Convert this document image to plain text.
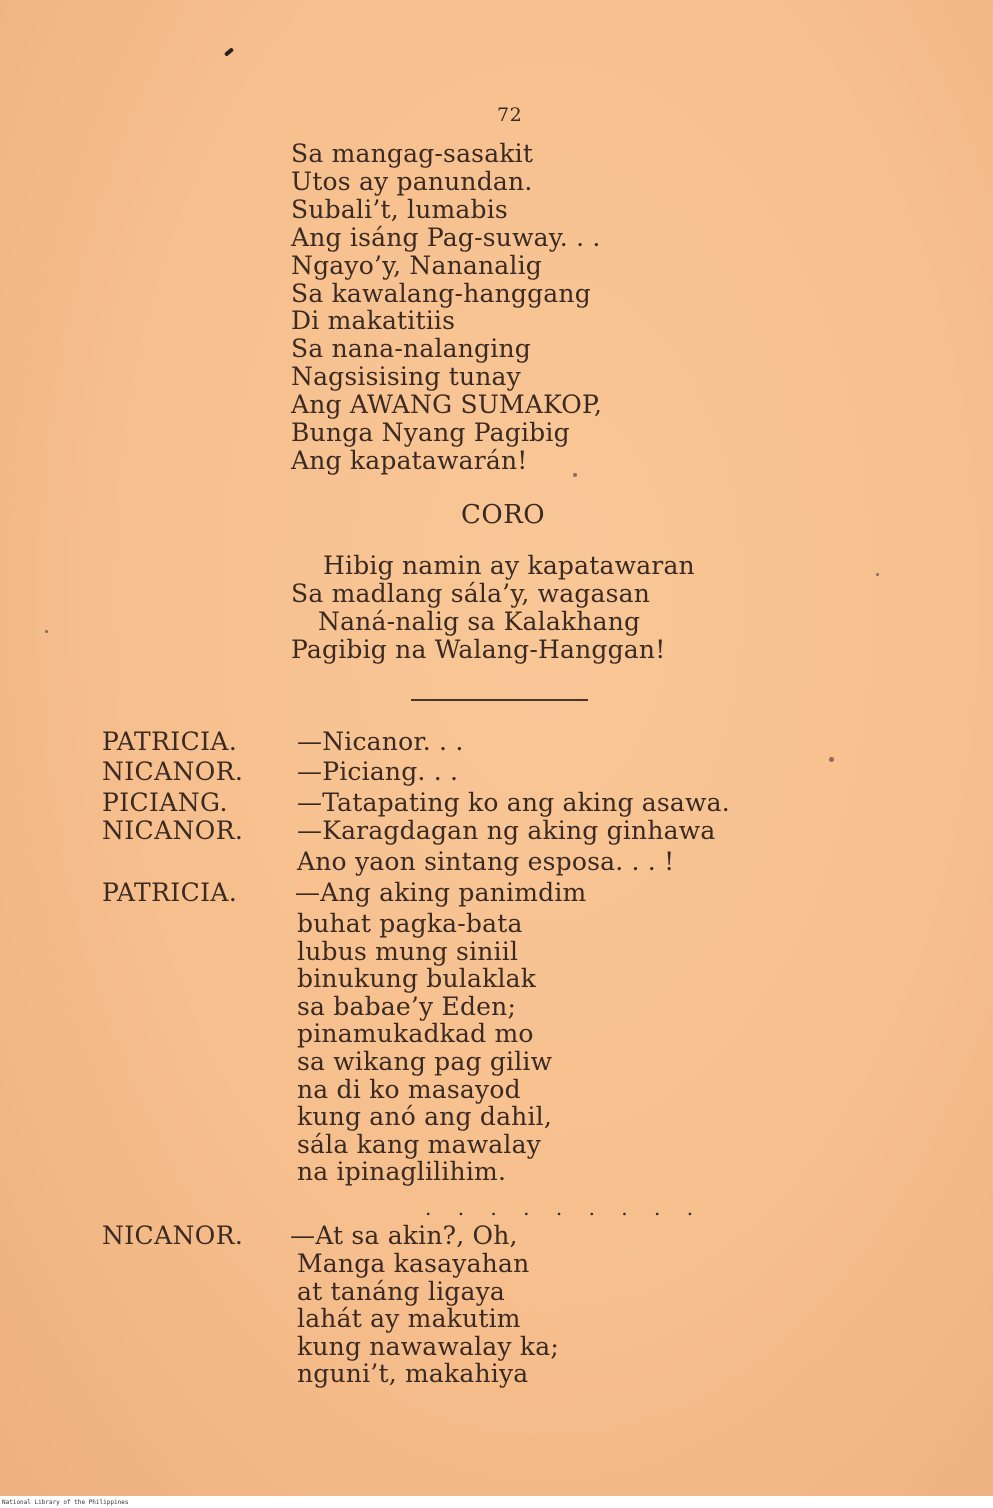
72
Sa mangag-sasakit
Utos ay panundan.
Subali’t, lumabis
Ang isáng Pag-suway. . .
Ngayo’y, Nananalig
Sa kawalang-hanggang
Di makatitiis
Sa nana-nalanging
Nagsisising tunay
Ang AWANG SUMAKOP,
Bunga Nyang Pagibig
Ang kapatawarán!
CORO
Hibig namin ay kapatawaran
Sa madlang sála’y, wagasan
Naná-nalig sa Kalakhang
Pagibig na Walang-Hanggan!
PATRICIA. —Nicanor. . .
NICANOR. —Piciang. . .
PICIANG.	—Tatapating ko ang aking asawa.
NICANOR. —Karagdagan ng aking ginhawa
Ano yaon sintang esposa. . . !
PATRICIA. —Ang aking panimdim
buhat pagka-bata
lubus mung siniil
binukung bulaklak
sa babae’y Eden;
pinamukadkad mo
sa wikang pag giliw
na di ko masayod
kung anó ang dahil,
sála kang mawalay
na ipinaglilihim.
. . . . . . . . .
NICANOR. —At sa akin?, Oh,
Manga kasayahan
at tanáng ligaya
lahát ay makutim
kung nawawalay ka;
nguni’t, makahiya
National Library of the Philippines
